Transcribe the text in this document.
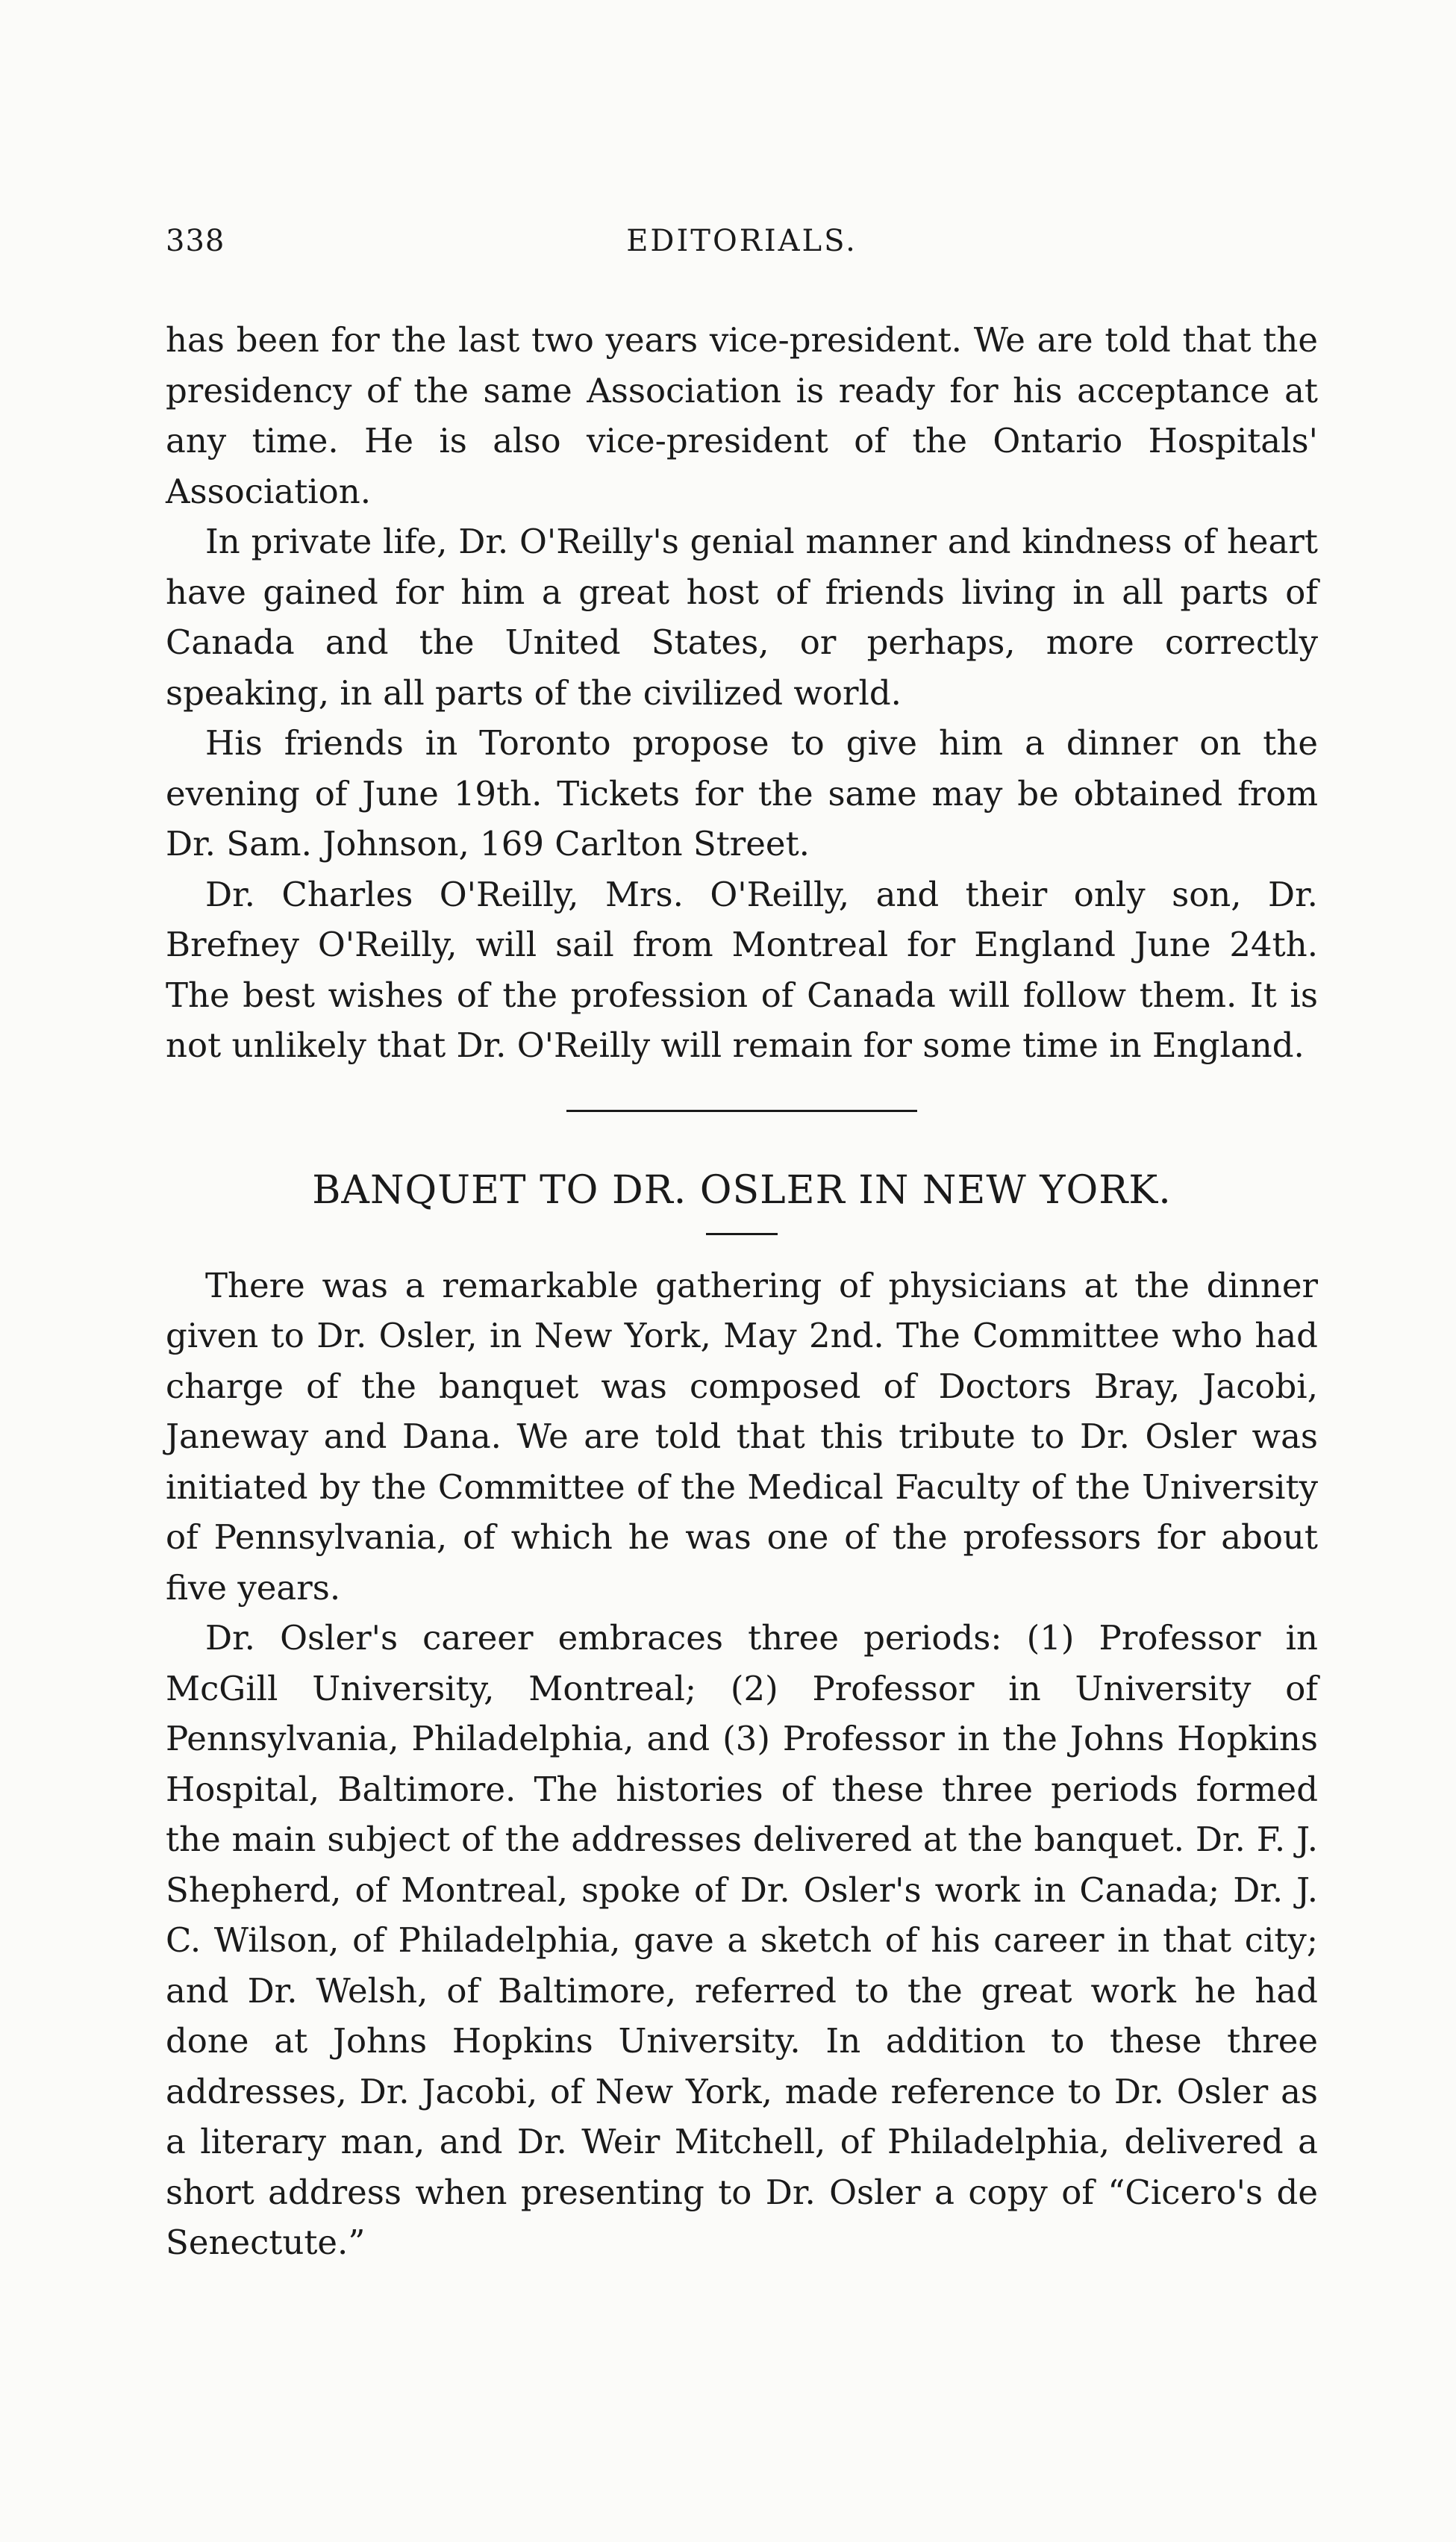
338	EDITORIALS.

has been for the last two years vice-president. We are told that the presidency of the same Association is ready for his acceptance at any time. He is also vice-president of the Ontario Hospitals' Association.

In private life, Dr. O'Reilly's genial manner and kindness of heart have gained for him a great host of friends living in all parts of Canada and the United States, or perhaps, more correctly speaking, in all parts of the civilized world.

His friends in Toronto propose to give him a dinner on the evening of June 19th. Tickets for the same may be obtained from Dr. Sam. Johnson, 169 Carlton Street.

Dr. Charles O'Reilly, Mrs. O'Reilly, and their only son, Dr. Brefney O'Reilly, will sail from Montreal for England June 24th. The best wishes of the profession of Canada will follow them. It is not unlikely that Dr. O'Reilly will remain for some time in England.

BANQUET TO DR. OSLER IN NEW YORK.

There was a remarkable gathering of physicians at the dinner given to Dr. Osler, in New York, May 2nd. The Committee who had charge of the banquet was composed of Doctors Bray, Jacobi, Janeway and Dana. We are told that this tribute to Dr. Osler was initiated by the Committee of the Medical Faculty of the University of Pennsylvania, of which he was one of the professors for about five years.

Dr. Osler's career embraces three periods: (1) Professor in McGill University, Montreal; (2) Professor in University of Pennsylvania, Philadelphia, and (3) Professor in the Johns Hopkins Hospital, Baltimore. The histories of these three periods formed the main subject of the addresses delivered at the banquet. Dr. F. J. Shepherd, of Montreal, spoke of Dr. Osler's work in Canada; Dr. J. C. Wilson, of Philadelphia, gave a sketch of his career in that city; and Dr. Welsh, of Baltimore, referred to the great work he had done at Johns Hopkins University. In addition to these three addresses, Dr. Jacobi, of New York, made reference to Dr. Osler as a literary man, and Dr. Weir Mitchell, of Philadelphia, delivered a short address when presenting to Dr. Osler a copy of “Cicero's de Senectute.”
